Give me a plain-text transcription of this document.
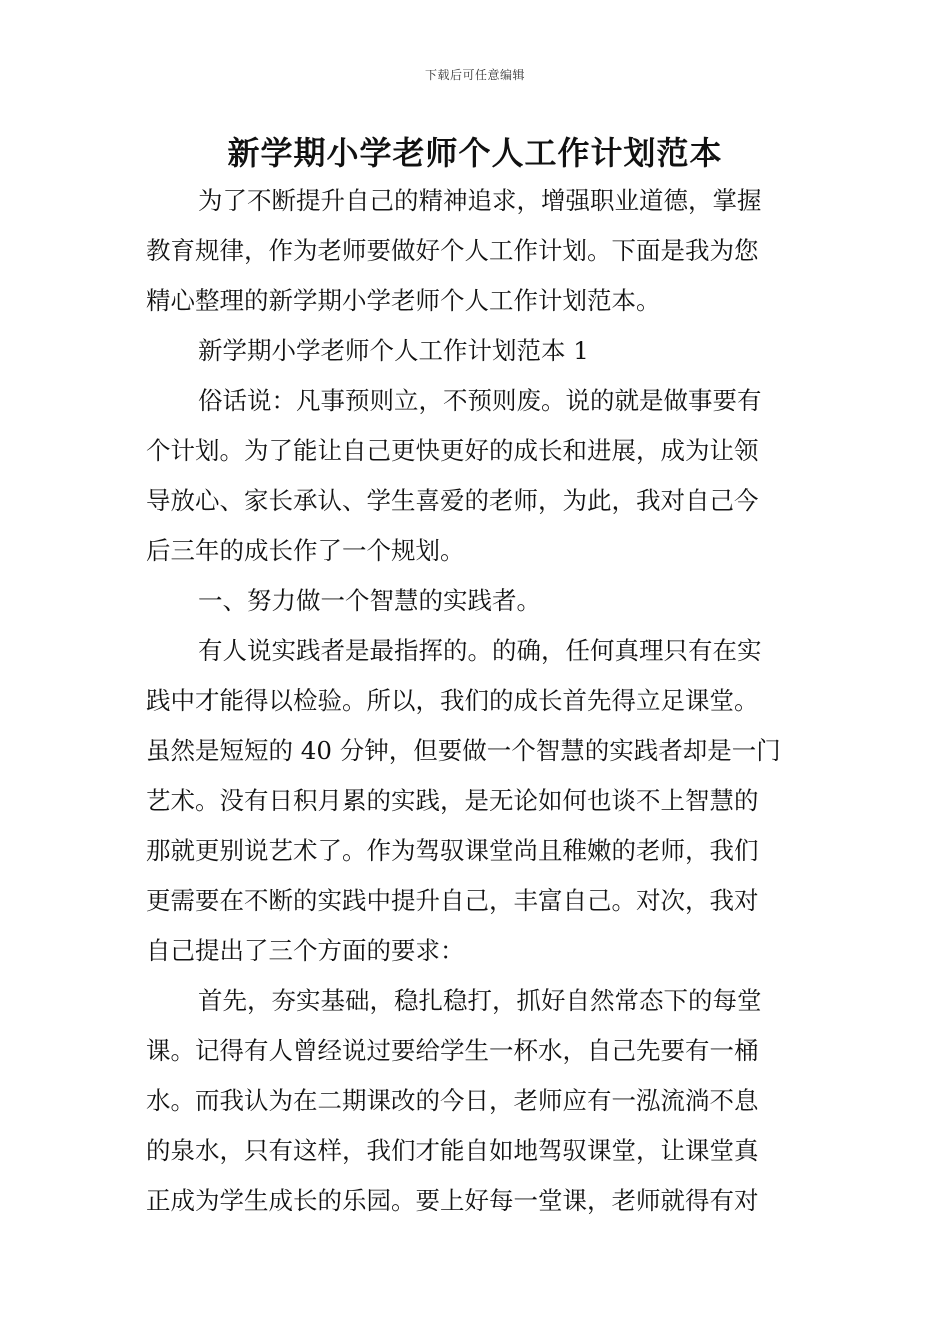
下载后可任意编辑
新学期小学老师个人工作计划范本
为了不断提升自己的精神追求，增强职业道德，掌握
教育规律，作为老师要做好个人工作计划。下面是我为您
精心整理的新学期小学老师个人工作计划范本。
新学期小学老师个人工作计划范本 1
俗话说：凡事预则立，不预则废。说的就是做事要有
个计划。为了能让自己更快更好的成长和进展，成为让领
导放心、家长承认、学生喜爱的老师，为此，我对自己今
后三年的成长作了一个规划。
一、努力做一个智慧的实践者。
有人说实践者是最指挥的。的确，任何真理只有在实
践中才能得以检验。所以，我们的成长首先得立足课堂。
虽然是短短的 40 分钟，但要做一个智慧的实践者却是一门
艺术。没有日积月累的实践，是无论如何也谈不上智慧的
那就更别说艺术了。作为驾驭课堂尚且稚嫩的老师，我们
更需要在不断的实践中提升自己，丰富自己。对次，我对
自己提出了三个方面的要求：
首先，夯实基础，稳扎稳打，抓好自然常态下的每堂
课。记得有人曾经说过要给学生一杯水，自己先要有一桶
水。而我认为在二期课改的今日，老师应有一泓流淌不息
的泉水，只有这样，我们才能自如地驾驭课堂，让课堂真
正成为学生成长的乐园。要上好每一堂课，老师就得有对
